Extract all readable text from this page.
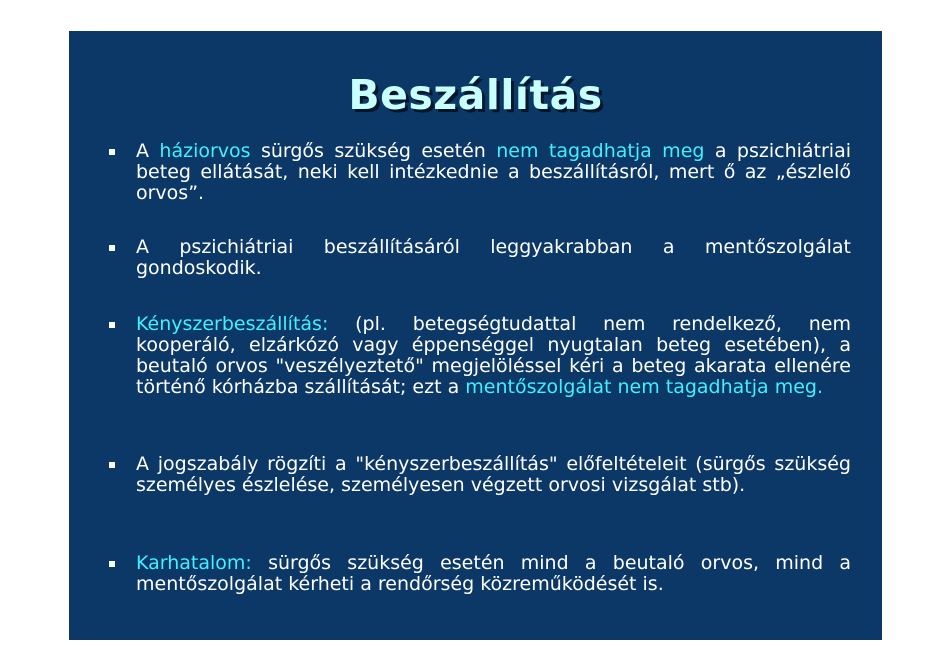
Beszállítás
A háziorvos sürgős szükség esetén nem tagadhatja meg a pszichiátriai beteg ellátását, neki kell intézkednie a beszállításról, mert ő az „észlelő orvos”.
A pszichiátriai beszállításáról leggyakrabban a mentőszolgálat gondoskodik.
Kényszerbeszállítás: (pl. betegségtudattal nem rendelkező, nem kooperáló, elzárkózó vagy éppenséggel nyugtalan beteg esetében), a beutaló orvos "veszélyeztető" megjelöléssel kéri a beteg akarata ellenére történő kórházba szállítását; ezt a mentőszolgálat nem tagadhatja meg.
A jogszabály rögzíti a "kényszerbeszállítás" előfeltételeit (sürgős szükség személyes észlelése, személyesen végzett orvosi vizsgálat stb).
Karhatalom: sürgős szükség esetén mind a beutaló orvos, mind a mentőszolgálat kérheti a rendőrség közreműködését is.
